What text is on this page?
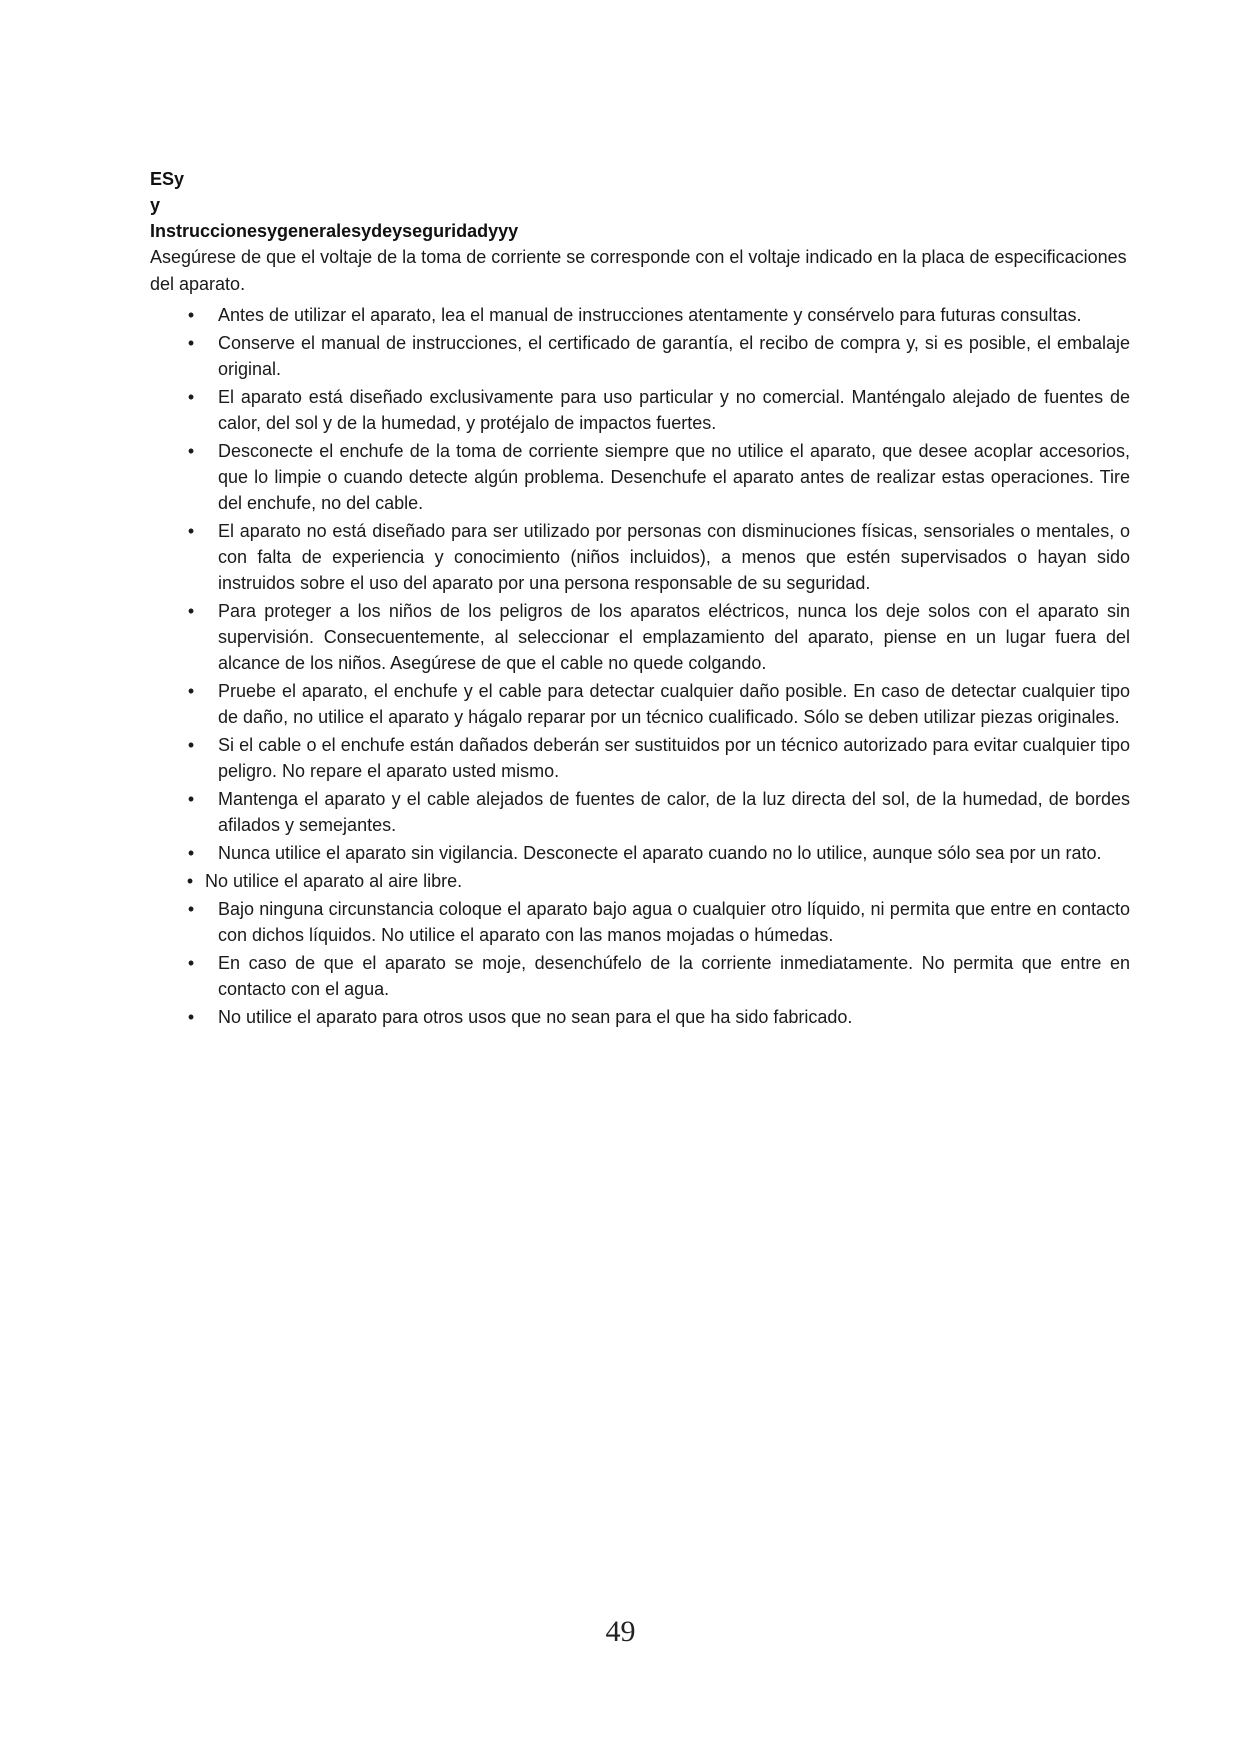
ESy

y

Instruccionesygeneralesydeyseguridadyyy

Asegúrese de que el voltaje de la toma de corriente se corresponde con el voltaje indicado en la placa de especificaciones del aparato.

• Antes de utilizar el aparato, lea el manual de instrucciones atentamente y consérvelo para futuras consultas.
• Conserve el manual de instrucciones, el certificado de garantía, el recibo de compra y, si es posible, el embalaje original.
• El aparato está diseñado exclusivamente para uso particular y no comercial. Manténgalo alejado de fuentes de calor, del sol y de la humedad, y protéjalo de impactos fuertes.
• Desconecte el enchufe de la toma de corriente siempre que no utilice el aparato, que desee acoplar accesorios, que lo limpie o cuando detecte algún problema. Desenchufe el aparato antes de realizar estas operaciones. Tire del enchufe, no del cable.
• El aparato no está diseñado para ser utilizado por personas con disminuciones físicas, sensoriales o mentales, o con falta de experiencia y conocimiento (niños incluidos), a menos que estén supervisados o hayan sido instruidos sobre el uso del aparato por una persona responsable de su seguridad.
• Para proteger a los niños de los peligros de los aparatos eléctricos, nunca los deje solos con el aparato sin supervisión. Consecuentemente, al seleccionar el emplazamiento del aparato, piense en un lugar fuera del alcance de los niños. Asegúrese de que el cable no quede colgando.
• Pruebe el aparato, el enchufe y el cable para detectar cualquier daño posible. En caso de detectar cualquier tipo de daño, no utilice el aparato y hágalo reparar por un técnico cualificado. Sólo se deben utilizar piezas originales.
• Si el cable o el enchufe están dañados deberán ser sustituidos por un técnico autorizado para evitar cualquier tipo peligro. No repare el aparato usted mismo.
• Mantenga el aparato y el cable alejados de fuentes de calor, de la luz directa del sol, de la humedad, de bordes afilados y semejantes.
• Nunca utilice el aparato sin vigilancia. Desconecte el aparato cuando no lo utilice, aunque sólo sea por un rato.
• No utilice el aparato al aire libre.
• Bajo ninguna circunstancia coloque el aparato bajo agua o cualquier otro líquido, ni permita que entre en contacto con dichos líquidos. No utilice el aparato con las manos mojadas o húmedas.
• En caso de que el aparato se moje, desenchúfelo de la corriente inmediatamente. No permita que entre en contacto con el agua.
• No utilice el aparato para otros usos que no sean para el que ha sido fabricado.
49
